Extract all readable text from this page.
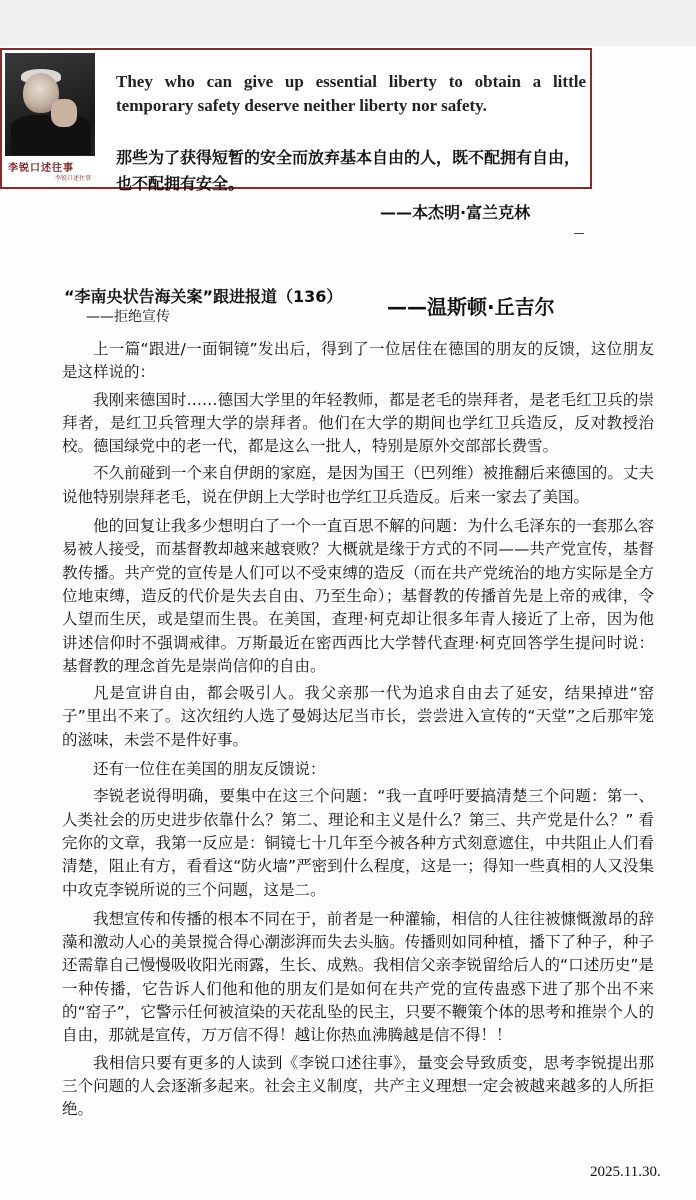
李锐口述往事
李锐口述往事
They who can give up essential liberty to obtain a little temporary safety deserve neither liberty nor safety.
那些为了获得短暂的安全而放弃基本自由的人，既不配拥有自由，也不配拥有安全。
——本杰明·富兰克林
“李南央状告海关案”跟进报道（136） ——温斯顿·丘吉尔
——拒绝宣传

上一篇“跟进/一面铜镜”发出后，得到了一位居住在德国的朋友的反馈，这位朋友是这样说的：

我刚来德国时……德国大学里的年轻教师，都是老毛的崇拜者，是老毛红卫兵的崇拜者，是红卫兵管理大学的崇拜者。他们在大学的期间也学红卫兵造反，反对教授治校。德国绿党中的老一代，都是这么一批人，特别是原外交部部长费雪。

不久前碰到一个来自伊朗的家庭，是因为国王（巴列维）被推翻后来德国的。丈夫说他特别崇拜老毛，说在伊朗上大学时也学红卫兵造反。后来一家去了美国。

他的回复让我多少想明白了一个一直百思不解的问题：为什么毛泽东的一套那么容易被人接受，而基督教却越来越衰败？大概就是缘于方式的不同——共产党宣传，基督教传播。共产党的宣传是人们可以不受束缚的造反（而在共产党统治的地方实际是全方位地束缚，造反的代价是失去自由、乃至生命）；基督教的传播首先是上帝的戒律，令人望而生厌，或是望而生畏。在美国，查理·柯克却让很多年青人接近了上帝，因为他讲述信仰时不强调戒律。万斯最近在密西西比大学替代查理·柯克回答学生提问时说：基督教的理念首先是崇尚信仰的自由。

凡是宣讲自由，都会吸引人。我父亲那一代为追求自由去了延安，结果掉进“窑子”里出不来了。这次纽约人选了曼姆达尼当市长，尝尝进入宣传的“天堂”之后那牢笼的滋味，未尝不是件好事。

还有一位住在美国的朋友反馈说：

李锐老说得明确，要集中在这三个问题：“我一直呼吁要搞清楚三个问题：第一、人类社会的历史进步依靠什么？第二、理论和主义是什么？第三、共产党是什么？” 看完你的文章，我第一反应是：铜镜七十几年至今被各种方式刻意遮住，中共阻止人们看清楚，阻止有方，看看这“防火墙”严密到什么程度，这是一；得知一些真相的人又没集中攻克李锐所说的三个问题，这是二。

我想宣传和传播的根本不同在于，前者是一种灌输，相信的人往往被慷慨激昂的辞藻和激动人心的美景搅合得心潮澎湃而失去头脑。传播则如同种植，播下了种子，种子还需靠自己慢慢吸收阳光雨露，生长、成熟。我相信父亲李锐留给后人的“口述历史”是一种传播，它告诉人们他和他的朋友们是如何在共产党的宣传蛊惑下进了那个出不来的“窑子”，它警示任何被渲染的天花乱坠的民主，只要不鞭策个体的思考和推崇个人的自由，那就是宣传，万万信不得！越让你热血沸腾越是信不得！！

我相信只要有更多的人读到《李锐口述往事》，量变会导致质变，思考李锐提出那三个问题的人会逐渐多起来。社会主义制度，共产主义理想一定会被越来越多的人所拒绝。

2025.11.30.
